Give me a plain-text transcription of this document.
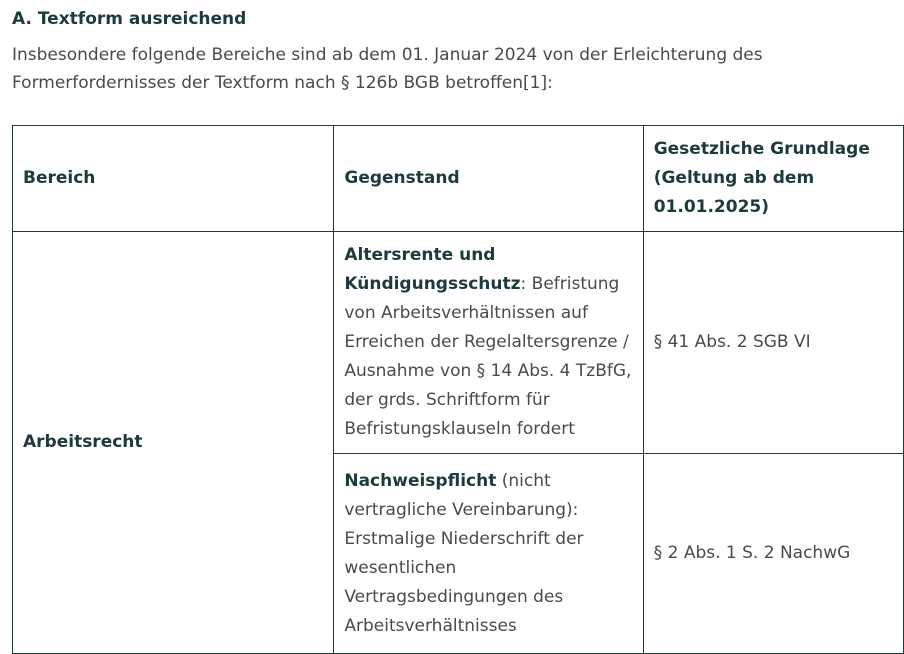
A. Textform ausreichend
Insbesondere folgende Bereiche sind ab dem 01. Januar 2024 von der Erleichterung des Formerfordernisses der Textform nach § 126b BGB betroffen[1]:
Bereich	Gegenstand	Gesetzliche Grundlage (Geltung ab dem 01.01.2025)
Arbeitsrecht	Altersrente und Kündigungsschutz: Befristung von Arbeitsverhältnissen auf Erreichen der Regelaltersgrenze / Ausnahme von § 14 Abs. 4 TzBfG, der grds. Schriftform für Befristungsklauseln fordert	§ 41 Abs. 2 SGB VI
	Nachweispflicht (nicht vertragliche Vereinbarung): Erstmalige Niederschrift der wesentlichen Vertragsbedingungen des Arbeitsverhältnisses	§ 2 Abs. 1 S. 2 NachwG
